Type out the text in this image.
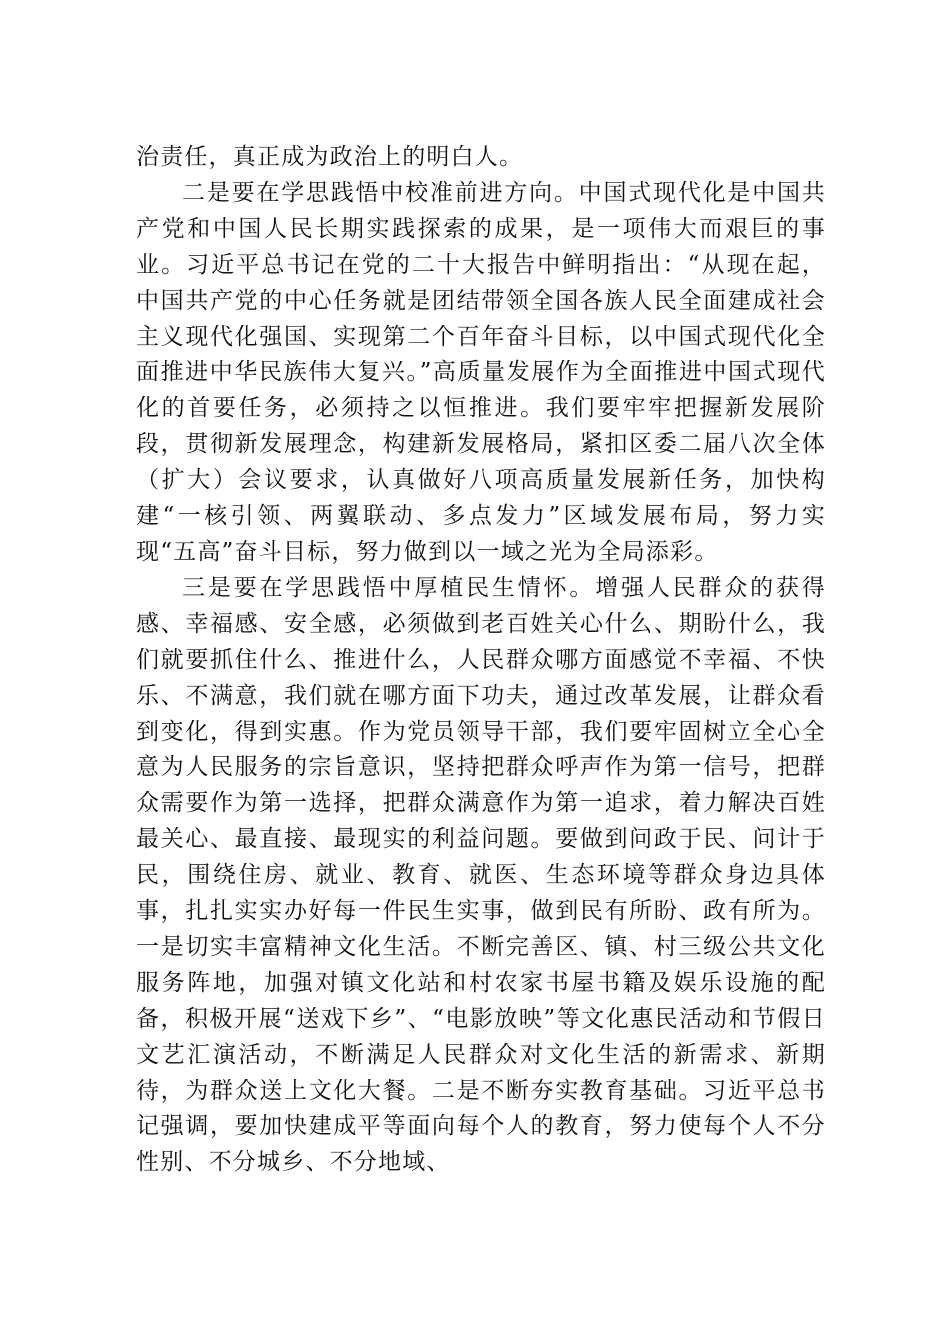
治责任，真正成为政治上的明白人。

二是要在学思践悟中校准前进方向。中国式现代化是中国共产党和中国人民长期实践探索的成果，是一项伟大而艰巨的事业。习近平总书记在党的二十大报告中鲜明指出：“从现在起，中国共产党的中心任务就是团结带领全国各族人民全面建成社会主义现代化强国、实现第二个百年奋斗目标，以中国式现代化全面推进中华民族伟大复兴。”高质量发展作为全面推进中国式现代化的首要任务，必须持之以恒推进。我们要牢牢把握新发展阶段，贯彻新发展理念，构建新发展格局，紧扣区委二届八次全体（扩大）会议要求，认真做好八项高质量发展新任务，加快构建“一核引领、两翼联动、多点发力”区域发展布局，努力实现“五高”奋斗目标，努力做到以一域之光为全局添彩。

三是要在学思践悟中厚植民生情怀。增强人民群众的获得感、幸福感、安全感，必须做到老百姓关心什么、期盼什么，我们就要抓住什么、推进什么，人民群众哪方面感觉不幸福、不快乐、不满意，我们就在哪方面下功夫，通过改革发展，让群众看到变化，得到实惠。作为党员领导干部，我们要牢固树立全心全意为人民服务的宗旨意识，坚持把群众呼声作为第一信号，把群众需要作为第一选择，把群众满意作为第一追求，着力解决百姓最关心、最直接、最现实的利益问题。要做到问政于民、问计于民，围绕住房、就业、教育、就医、生态环境等群众身边具体事，扎扎实实办好每一件民生实事，做到民有所盼、政有所为。一是切实丰富精神文化生活。不断完善区、镇、村三级公共文化服务阵地，加强对镇文化站和村农家书屋书籍及娱乐设施的配备，积极开展“送戏下乡”、“电影放映”等文化惠民活动和节假日文艺汇演活动，不断满足人民群众对文化生活的新需求、新期待，为群众送上文化大餐。二是不断夯实教育基础。习近平总书记强调，要加快建成平等面向每个人的教育，努力使每个人不分性别、不分城乡、不分地域、
